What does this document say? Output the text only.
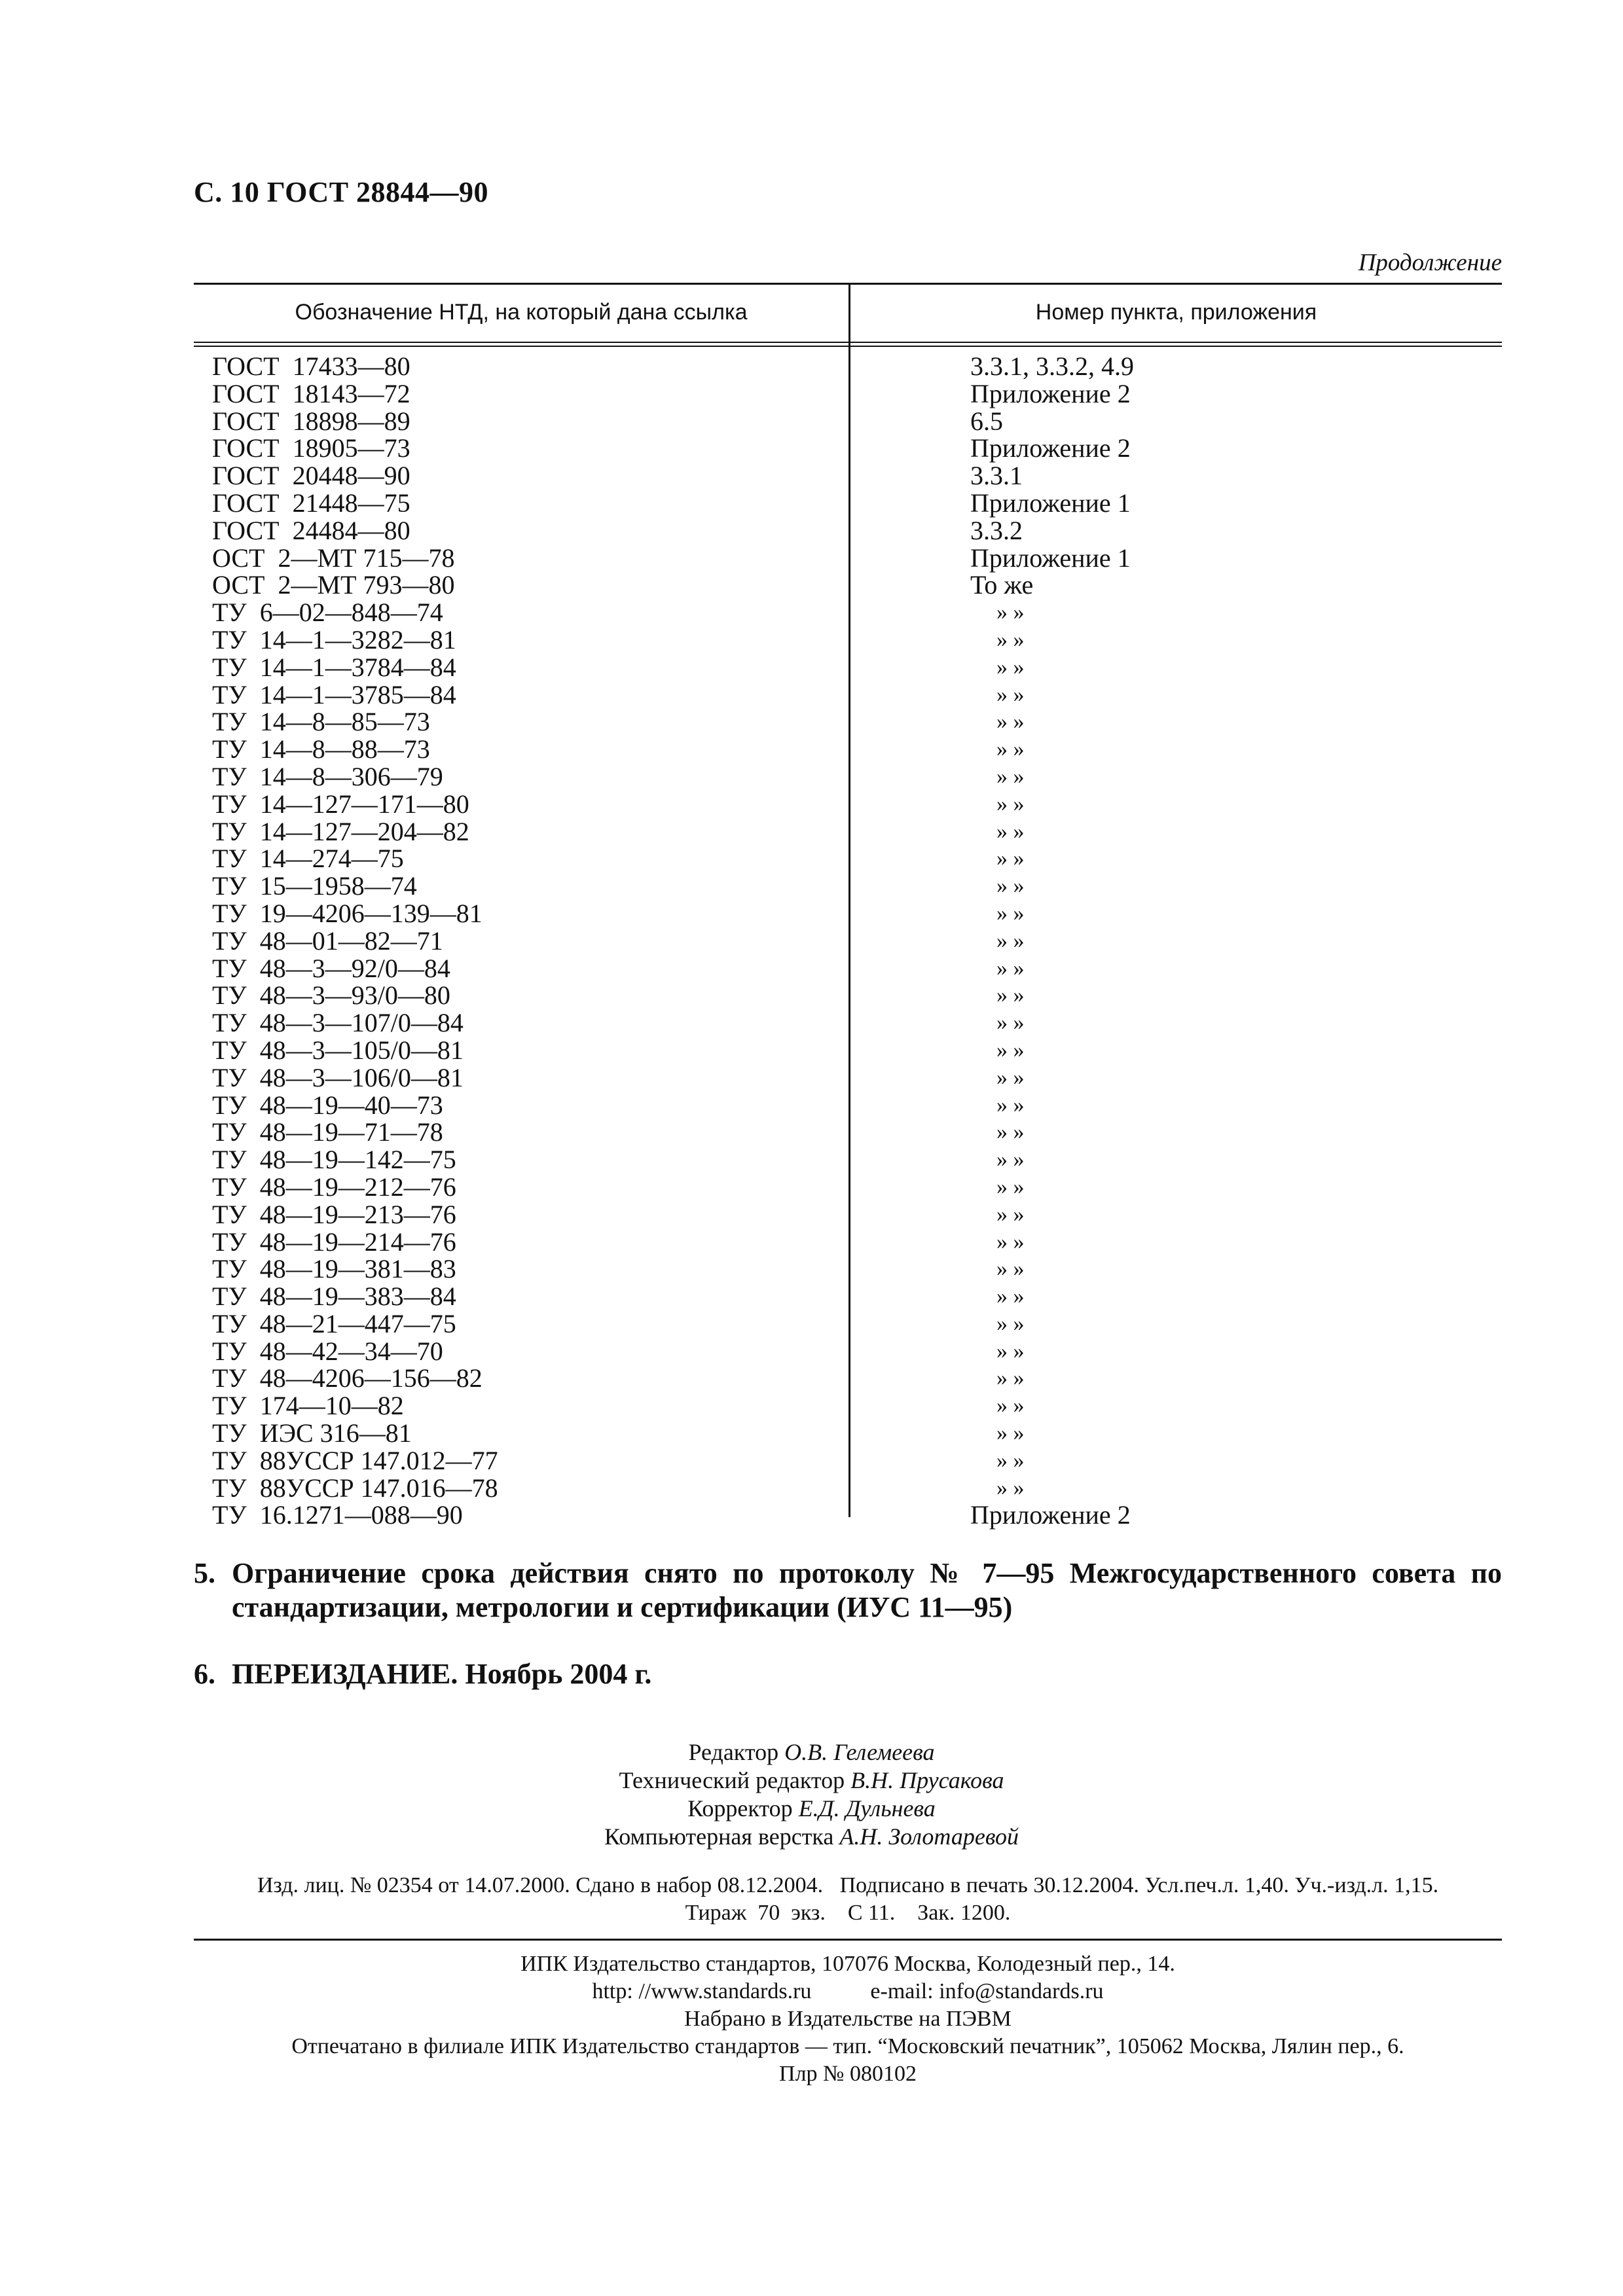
С. 10 ГОСТ 28844—90
Продолжение
Обозначение НТД, на который дана ссылка	Номер пункта, приложения
ГОСТ  17433—80	3.3.1, 3.3.2, 4.9
ГОСТ  18143—72	Приложение 2
ГОСТ  18898—89	6.5
ГОСТ  18905—73	Приложение 2
ГОСТ  20448—90	3.3.1
ГОСТ  21448—75	Приложение 1
ГОСТ  24484—80	3.3.2
ОСТ  2—МТ 715—78	Приложение 1
ОСТ  2—МТ 793—80	То же
ТУ  6—02—848—74	» »
ТУ  14—1—3282—81	» »
ТУ  14—1—3784—84	» »
ТУ  14—1—3785—84	» »
ТУ  14—8—85—73	» »
ТУ  14—8—88—73	» »
ТУ  14—8—306—79	» »
ТУ  14—127—171—80	» »
ТУ  14—127—204—82	» »
ТУ  14—274—75	» »
ТУ  15—1958—74	» »
ТУ  19—4206—139—81	» »
ТУ  48—01—82—71	» »
ТУ  48—3—92/0—84	» »
ТУ  48—3—93/0—80	» »
ТУ  48—3—107/0—84	» »
ТУ  48—3—105/0—81	» »
ТУ  48—3—106/0—81	» »
ТУ  48—19—40—73	» »
ТУ  48—19—71—78	» »
ТУ  48—19—142—75	» »
ТУ  48—19—212—76	» »
ТУ  48—19—213—76	» »
ТУ  48—19—214—76	» »
ТУ  48—19—381—83	» »
ТУ  48—19—383—84	» »
ТУ  48—21—447—75	» »
ТУ  48—42—34—70	» »
ТУ  48—4206—156—82	» »
ТУ  174—10—82	» »
ТУ  ИЭС 316—81	» »
ТУ  88УССР 147.012—77	» »
ТУ  88УССР 147.016—78	» »
ТУ  16.1271—088—90	Приложение 2
5. Ограничение срока действия снято по протоколу № 7—95 Межгосударственного совета по стандартизации, метрологии и сертификации (ИУС 11—95)
6. ПЕРЕИЗДАНИЕ. Ноябрь 2004 г.
Редактор О.В. Гелемеева
Технический редактор В.Н. Прусакова
Корректор Е.Д. Дульнева
Компьютерная верстка А.Н. Золотаревой
Изд. лиц. № 02354 от 14.07.2000. Сдано в набор 08.12.2004.   Подписано в печать 30.12.2004. Усл.печ.л. 1,40. Уч.-изд.л. 1,15.
Тираж  70  экз.    С 11.    Зак. 1200.
ИПК Издательство стандартов, 107076 Москва, Колодезный пер., 14.
http: //www.standards.ru	e-mail: info@standards.ru
Набрано в Издательстве на ПЭВМ
Отпечатано в филиале ИПК Издательство стандартов — тип. “Московский печатник”, 105062 Москва, Лялин пер., 6.
Плр № 080102
